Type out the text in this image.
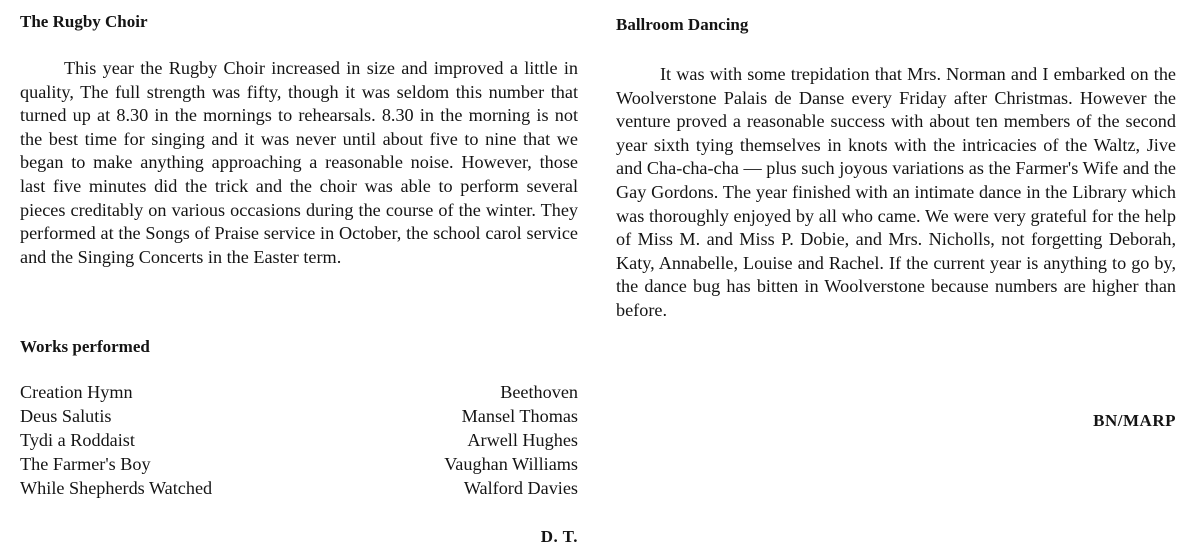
The Rugby Choir

This year the Rugby Choir increased in size and improved a little in quality, The full strength was fifty, though it was seldom this number that turned up at 8.30 in the mornings to rehearsals. 8.30 in the morning is not the best time for singing and it was never until about five to nine that we began to make anything approaching a reasonable noise. However, those last five minutes did the trick and the choir was able to perform several pieces creditably on various occasions during the course of the winter. They performed at the Songs of Praise service in October, the school carol service and the Singing Concerts in the Easter term.

Works performed
Creation Hymn	Beethoven
Deus Salutis	Mansel Thomas
Tydi a Roddaist	Arwell Hughes
The Farmer's Boy	Vaughan Williams
While Shepherds Watched	Walford Davies
D. T.
Ballroom Dancing

It was with some trepidation that Mrs. Norman and I embarked on the Woolverstone Palais de Danse every Friday after Christmas. However the venture proved a reasonable success with about ten members of the second year sixth tying themselves in knots with the intricacies of the Waltz, Jive and Cha-cha-cha — plus such joyous variations as the Farmer's Wife and the Gay Gordons. The year finished with an intimate dance in the Library which was thoroughly enjoyed by all who came. We were very grateful for the help of Miss M. and Miss P. Dobie, and Mrs. Nicholls, not forgetting Deborah, Katy, Annabelle, Louise and Rachel. If the current year is anything to go by, the dance bug has bitten in Woolverstone because numbers are higher than before.

BN/MARP
